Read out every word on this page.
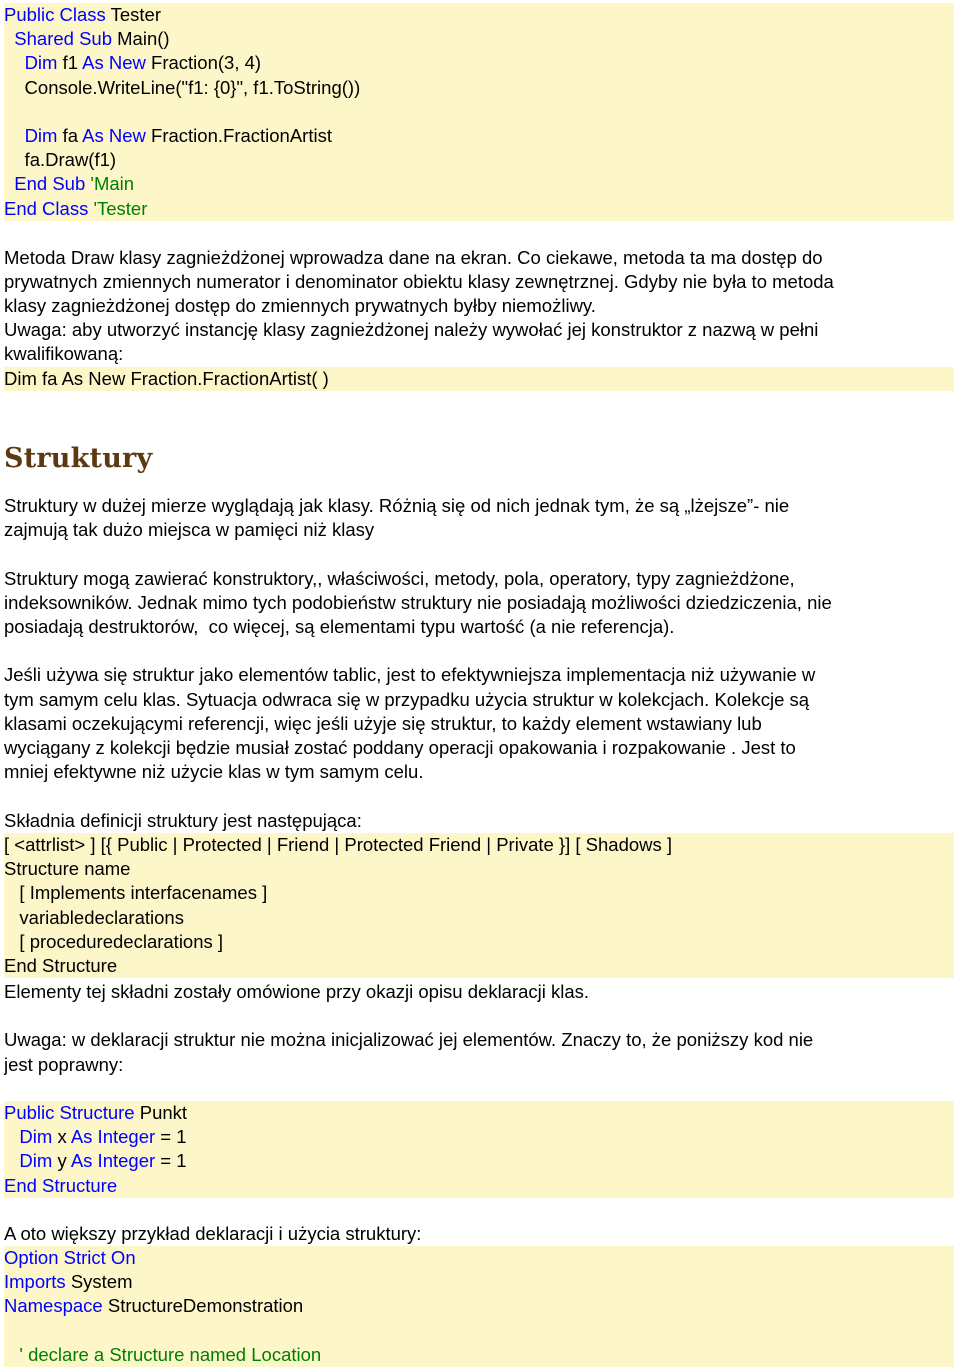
Struktury
Public Class Tester
Shared Sub Main()
Dim f1 As New Fraction(3, 4)
Console.WriteLine("f1: {0}", f1.ToString())
Dim fa As New Fraction.FractionArtist
fa.Draw(f1)
End Sub 'Main
End Class 'Tester
Metoda Draw klasy zagnieżdżonej wprowadza dane na ekran. Co ciekawe, metoda ta ma dostęp do
prywatnych zmiennych numerator i denominator obiektu klasy zewnętrznej. Gdyby nie była to metoda
klasy zagnieżdżonej dostęp do zmiennych prywatnych byłby niemożliwy.
Uwaga: aby utworzyć instancję klasy zagnieżdżonej należy wywołać jej konstruktor z nazwą w pełni
kwalifikowaną:
Dim fa As New Fraction.FractionArtist( )
Struktury w dużej mierze wyglądają jak klasy. Różnią się od nich jednak tym, że są „lżejsze”- nie
zajmują tak dużo miejsca w pamięci niż klasy
Struktury mogą zawierać konstruktory,, właściwości, metody, pola, operatory, typy zagnieżdżone,
indeksowników. Jednak mimo tych podobieństw struktury nie posiadają możliwości dziedziczenia, nie
posiadają destruktorów,  co więcej, są elementami typu wartość (a nie referencja).
Jeśli używa się struktur jako elementów tablic, jest to efektywniejsza implementacja niż używanie w
tym samym celu klas. Sytuacja odwraca się w przypadku użycia struktur w kolekcjach. Kolekcje są
klasami oczekującymi referencji, więc jeśli użyje się struktur, to każdy element wstawiany lub
wyciągany z kolekcji będzie musiał zostać poddany operacji opakowania i rozpakowanie . Jest to
mniej efektywne niż użycie klas w tym samym celu.
Składnia definicji struktury jest następująca:
[ <attrlist> ] [{ Public | Protected | Friend | Protected Friend | Private }] [ Shadows ]
Structure name
[ Implements interfacenames ]
variabledeclarations
[ proceduredeclarations ]
End Structure
Elementy tej składni zostały omówione przy okazji opisu deklaracji klas.
Uwaga: w deklaracji struktur nie można inicjalizować jej elementów. Znaczy to, że poniższy kod nie
jest poprawny:
Public Structure Punkt
Dim x As Integer = 1
Dim y As Integer = 1
End Structure
A oto większy przykład deklaracji i użycia struktury:
Option Strict On
Imports System
Namespace StructureDemonstration
' declare a Structure named Location
